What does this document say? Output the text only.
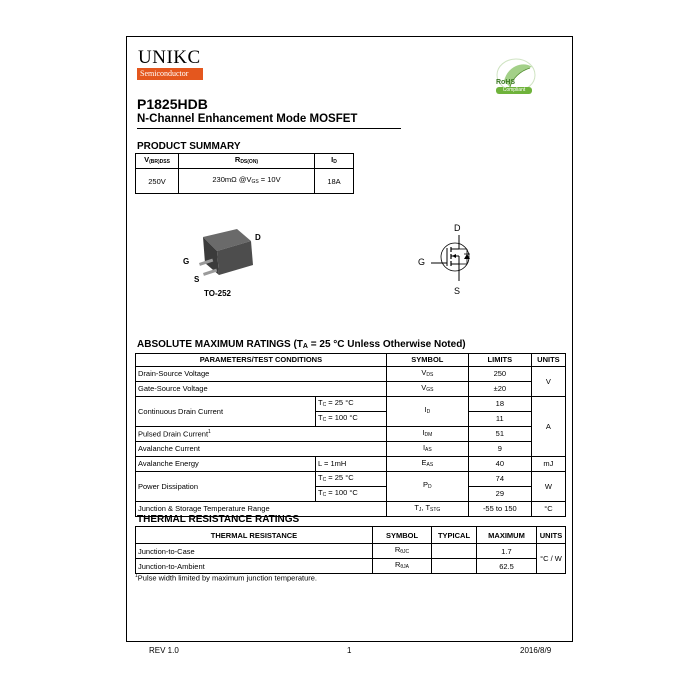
UNIKC
Semiconductor
RoHS
Compliant
P1825HDB
N-Channel Enhancement Mode MOSFET
PRODUCT SUMMARY
$V_{(BR)DSS}$	$R_{DS(ON)}$	$I_D$
250V	230mΩ $@V_{GS} = 10V$	18A
D
G
S
TO-252
D
G
S
ABSOLUTE MAXIMUM RATINGS (TA = 25 °C Unless Otherwise Noted)
PARAMETERS/TEST CONDITIONS		SYMBOL	LIMITS	UNITS
Drain-Source Voltage		$V_{DS}$	250	V
Gate-Source Voltage		$V_{GS}$	±20	
Continuous Drain Current	$T_C = 25$ °C	$I_D$	18	A
	$T_C = 100$ °C		11	
Pulsed Drain Current$^1$		$I_{DM}$	51	
Avalanche Current		$I_{AS}$	9	
Avalanche Energy	L = 1mH	$E_{AS}$	40	mJ
Power Dissipation	$T_C = 25$ °C	$P_D$	74	W
	$T_C = 100$ °C		29	
Junction & Storage Temperature Range		$T_J$, $T_{STG}$	-55 to 150	°C
THERMAL RESISTANCE RATINGS
THERMAL RESISTANCE	SYMBOL	TYPICAL	MAXIMUM	UNITS
Junction-to-Case	$R_{\theta JC}$		1.7	°C / W
Junction-to-Ambient	$R_{\theta JA}$		62.5	
$^1$Pulse width limited by maximum junction temperature.
REV 1.0	1	2016/8/9
